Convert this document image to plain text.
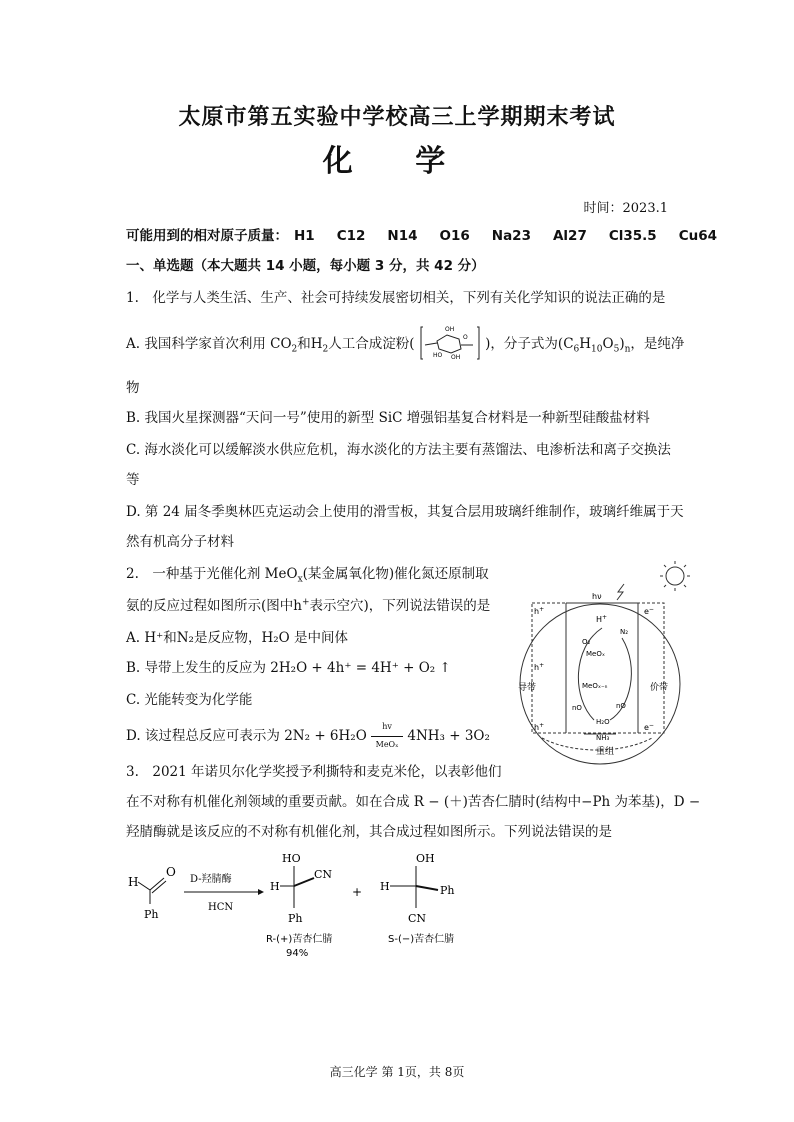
太原市第五实验中学校高三上学期期末考试
化 学
时间：2023.1
可能用到的相对原子质量： H1 C12 N14 O16 Na23 Al27 Cl35.5 Cu64
一、单选题（本大题共 14 小题，每小题 3 分，共 42 分）
1.　化学与人类生活、生产、社会可持续发展密切相关，下列有关化学知识的说法正确的是
A. 我国科学家首次利用 $CO_2$和$H_2$人工合成淀粉(
OH
HO OH
O )，分子式为$(C_6H_{10}O_5)_n$，是纯净
物
B. 我国火星探测器“天问一号”使用的新型 SiC 增强铝基复合材料是一种新型硅酸盐材料
C. 海水淡化可以缓解淡水供应危机，海水淡化的方法主要有蒸馏法、电渗析法和离子交换法
等
D. 第 24 届冬季奥林匹克运动会上使用的滑雪板，其复合层用玻璃纤维制作，玻璃纤维属于天
然有机高分子材料
2.　一种基于光催化剂 MeO$_x$(某金属氧化物)催化氮还原制取
氨的反应过程如图所示(图中h+表示空穴)，下列说法错误的是
A. H⁺和N₂是反应物，H₂O 是中间体
B. 导带上发生的反应为 2H₂O + 4h⁺ = 4H⁺ + O₂ ↑
C. 光能转变为化学能
D. 该过程总反应可表示为 2N₂ + 6H₂O
hv
MeOₓ
4NH₃ + 3O₂
hν
h+
h+
h+
e−
e−
导带	价带
重组
H+
N₂
O₂
MeOₓ
MeOₓ₋ₙ
nO	nO
H₂O
NH₃
3.　2021 年诺贝尔化学奖授予利撕特和麦克米伦，以表彰他们
在不对称有机催化剂领域的重要贡献。如在合成 R − (＋)苦杏仁腈时(结构中−Ph 为苯基)，D −
羟腈酶就是该反应的不对称有机催化剂，其合成过程如图所示。下列说法错误的是
H
O
Ph
D-羟腈酶
HCN
HO
H
CN
Ph
R-(+)苦杏仁腈
94%
+
OH
H	Ph
CN
S-(−)苦杏仁腈
高三化学 第 1页，共 8页
